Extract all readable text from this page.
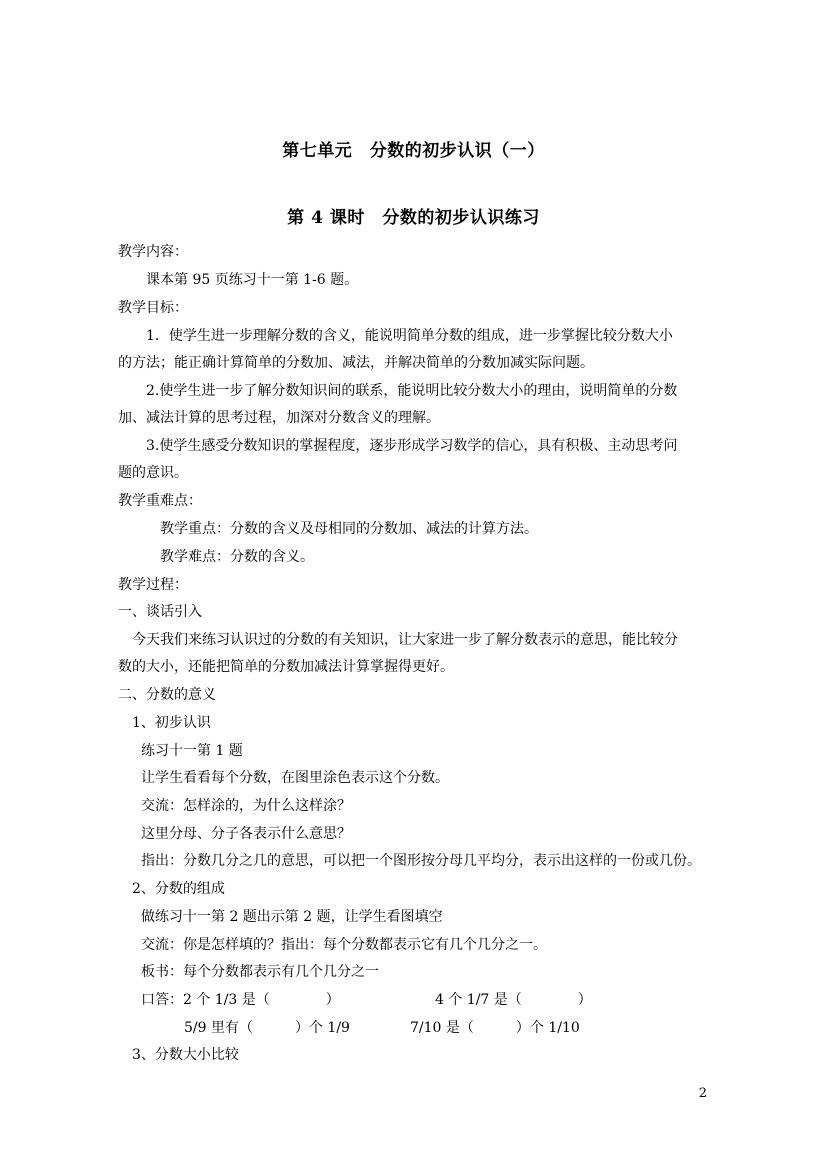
第七单元　分数的初步认识（一）
第 4 课时　分数的初步认识练习
教学内容：
课本第 95 页练习十一第 1-6 题。
教学目标：
1．使学生进一步理解分数的含义，能说明简单分数的组成，进一步掌握比较分数大小
的方法；能正确计算简单的分数加、减法，并解决简单的分数加减实际问题。
2.使学生进一步了解分数知识间的联系，能说明比较分数大小的理由，说明简单的分数
加、减法计算的思考过程，加深对分数含义的理解。
3.使学生感受分数知识的掌握程度，逐步形成学习数学的信心，具有积极、主动思考问
题的意识。
教学重难点：
教学重点：分数的含义及母相同的分数加、减法的计算方法。
教学难点：分数的含义。
教学过程：
一、谈话引入
今天我们来练习认识过的分数的有关知识，让大家进一步了解分数表示的意思，能比较分
数的大小，还能把简单的分数加减法计算掌握得更好。
二、分数的意义
1、初步认识
练习十一第 1 题
让学生看看每个分数，在图里涂色表示这个分数。
交流：怎样涂的，为什么这样涂？
这里分母、分子各表示什么意思？
指出：分数几分之几的意思，可以把一个图形按分母几平均分，表示出这样的一份或几份。
2、分数的组成
做练习十一第 2 题出示第 2 题，让学生看图填空
交流：你是怎样填的？指出：每个分数都表示它有几个几分之一。
板书：每个分数都表示有几个几分之一
口答：2 个 1/3 是（　　　　）	4 个 1/7 是（　　　　）
5/9 里有（　　　）个 1/9	7/10 是（　　　）个 1/10
3、分数大小比较
2
